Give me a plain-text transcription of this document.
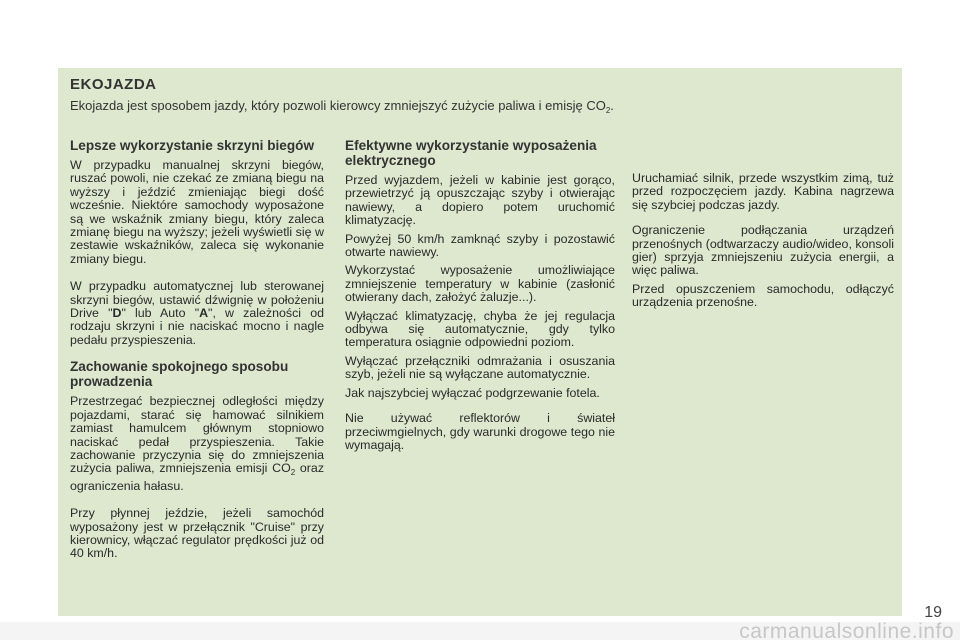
EKOJAZDA
Ekojazda jest sposobem jazdy, który pozwoli kierowcy zmniejszyć zużycie paliwa i emisję $CO_2$.
Lepsze wykorzystanie skrzyni biegów

W przypadku manualnej skrzyni biegów, ruszać powoli, nie czekać ze zmianą biegu na wyższy i jeździć zmieniając biegi dość wcześnie. Niektóre samochody wyposażone są we wskaźnik zmiany biegu, który zaleca zmianę biegu na wyższy; jeżeli wyświetli się w zestawie wskaźników, zaleca się wykonanie zmiany biegu.

W przypadku automatycznej lub sterowanej skrzyni biegów, ustawić dźwignię w położeniu Drive "D" lub Auto "A", w zależności od rodzaju skrzyni i nie naciskać mocno i nagle pedału przyspieszenia.

Zachowanie spokojnego sposobu prowadzenia

Przestrzegać bezpiecznej odległości między pojazdami, starać się hamować silnikiem zamiast hamulcem głównym stopniowo naciskać pedał przyspieszenia. Takie zachowanie przyczynia się do zmniejszenia zużycia paliwa, zmniejszenia emisji $CO_2$ oraz ograniczenia hałasu.

Przy płynnej jeździe, jeżeli samochód wyposażony jest w przełącznik "Cruise" przy kierownicy, włączać regulator prędkości już od 40 km/h.

Efektywne wykorzystanie wyposażenia elektrycznego

Przed wyjazdem, jeżeli w kabinie jest gorąco, przewietrzyć ją opuszczając szyby i otwierając nawiewy, a dopiero potem uruchomić klimatyzację.

Powyżej 50 km/h zamknąć szyby i pozostawić otwarte nawiewy.

Wykorzystać wyposażenie umożliwiające zmniejszenie temperatury w kabinie (zasłonić otwierany dach, założyć żaluzje...).

Wyłączać klimatyzację, chyba że jej regulacja odbywa się automatycznie, gdy tylko temperatura osiągnie odpowiedni poziom.

Wyłączać przełączniki odmrażania i osuszania szyb, jeżeli nie są wyłączane automatycznie.

Jak najszybciej wyłączać podgrzewanie fotela.

Nie używać reflektorów i świateł przeciwmgielnych, gdy warunki drogowe tego nie wymagają.

Uruchamiać silnik, przede wszystkim zimą, tuż przed rozpoczęciem jazdy. Kabina nagrzewa się szybciej podczas jazdy.

Ograniczenie podłączania urządzeń przenośnych (odtwarzaczy audio/wideo, konsoli gier) sprzyja zmniejszeniu zużycia energii, a więc paliwa.

Przed opuszczeniem samochodu, odłączyć urządzenia przenośne.

19
carmanualsonline.info
